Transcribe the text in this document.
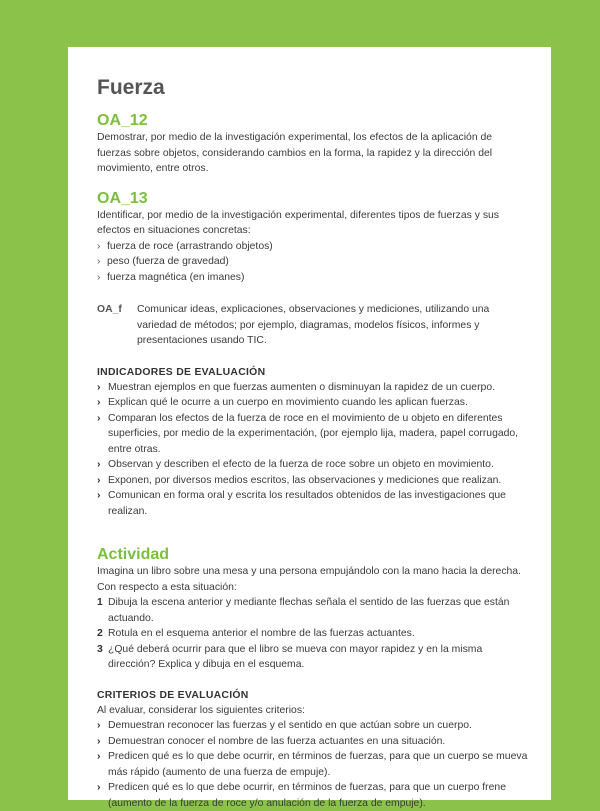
Fuerza
OA_12

Demostrar, por medio de la investigación experimental, los efectos de la aplicación de fuerzas sobre objetos, considerando cambios en la forma, la rapidez y la dirección del movimiento, entre otros.

OA_13

Identificar, por medio de la investigación experimental, diferentes tipos de fuerzas y sus efectos en situaciones concretas:

› fuerza de roce (arrastrando objetos)
› peso (fuerza de gravedad)
› fuerza magnética (en imanes)
OA_f	Comunicar ideas, explicaciones, observaciones y mediciones, utilizando una variedad de métodos; por ejemplo, diagramas, modelos físicos, informes y presentaciones usando TIC.
INDICADORES DE EVALUACIÓN
› Muestran ejemplos en que fuerzas aumenten o disminuyan la rapidez de un cuerpo.
› Explican qué le ocurre a un cuerpo en movimiento cuando les aplican fuerzas.
› Comparan los efectos de la fuerza de roce en el movimiento de u objeto en diferentes superficies, por medio de la experimentación, (por ejemplo lija, madera, papel corrugado, entre otras.
› Observan y describen el efecto de la fuerza de roce sobre un objeto en movimiento.
› Exponen, por diversos medios escritos, las observaciones y mediciones que realizan.
› Comunican en forma oral y escrita los resultados obtenidos de las investigaciones que realizan.
Actividad

Imagina un libro sobre una mesa y una persona empujándolo con la mano hacia la derecha. Con respecto a esta situación:

1 Dibuja la escena anterior y mediante flechas señala el sentido de las fuerzas que están actuando.
2 Rotula en el esquema anterior el nombre de las fuerzas actuantes.
3 ¿Qué deberá ocurrir para que el libro se mueva con mayor rapidez y en la misma dirección? Explica y dibuja en el esquema.
CRITERIOS DE EVALUACIÓN

Al evaluar, considerar los siguientes criterios:

› Demuestran reconocer las fuerzas y el sentido en que actúan sobre un cuerpo.
› Demuestran conocer el nombre de las fuerza actuantes en una situación.
› Predicen qué es lo que debe ocurrir, en términos de fuerzas, para que un cuerpo se mueva más rápido (aumento de una fuerza de empuje).
› Predicen qué es lo que debe ocurrir, en términos de fuerzas, para que un cuerpo frene (aumento de la fuerza de roce y/o anulación de la fuerza de empuje).
